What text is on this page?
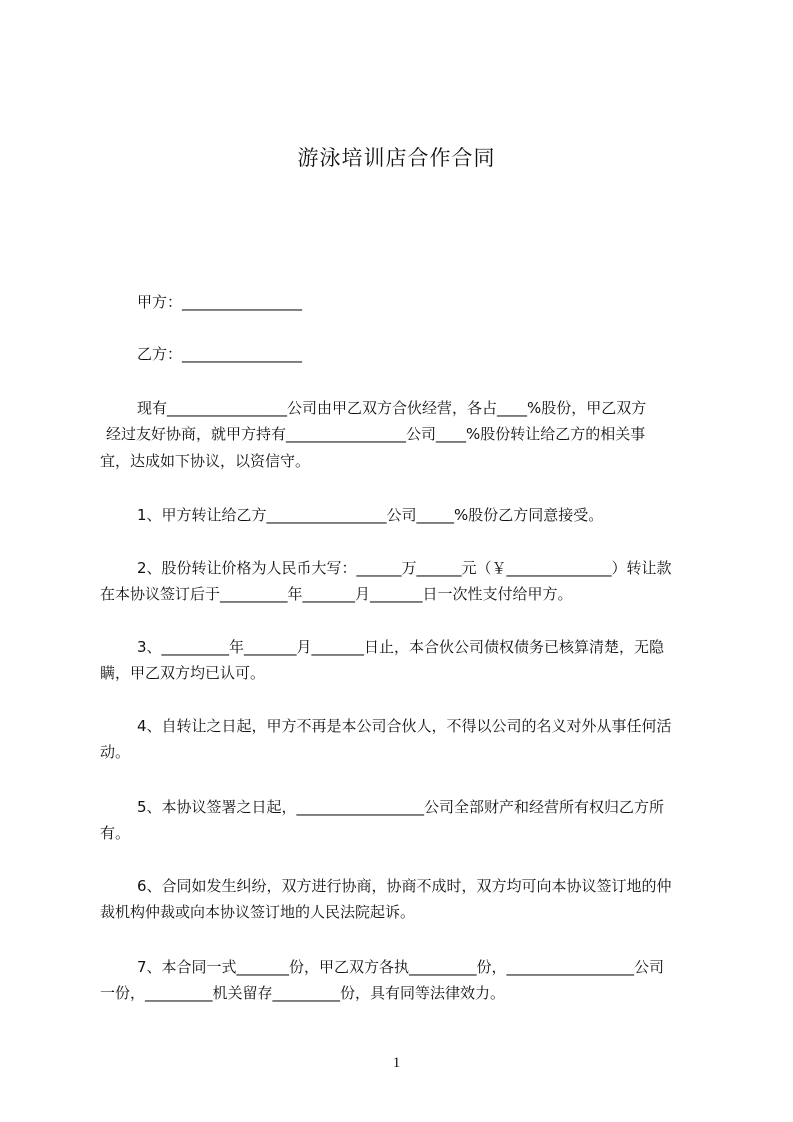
游泳培训店合作合同
甲方：________________
乙方：________________
现有________________公司由甲乙双方合伙经营，各占____%股份，甲乙双方
经过友好协商，就甲方持有________________公司____%股份转让给乙方的相关事
宜，达成如下协议，以资信守。
1、甲方转让给乙方________________公司_____%股份乙方同意接受。
2、股份转让价格为人民币大写：______万______元（￥______________）转让款
在本协议签订后于_________年_______月_______日一次性支付给甲方。
3、_________年_______月_______日止，本合伙公司债权债务已核算清楚，无隐
瞒，甲乙双方均已认可。
4、自转让之日起，甲方不再是本公司合伙人，不得以公司的名义对外从事任何活
动。
5、本协议签署之日起，_________________公司全部财产和经营所有权归乙方所
有。
6、合同如发生纠纷，双方进行协商，协商不成时，双方均可向本协议签订地的仲
裁机构仲裁或向本协议签订地的人民法院起诉。
7、本合同一式_______份，甲乙双方各执_________份，_________________公司
一份，_________机关留存_________份，具有同等法律效力。
1
